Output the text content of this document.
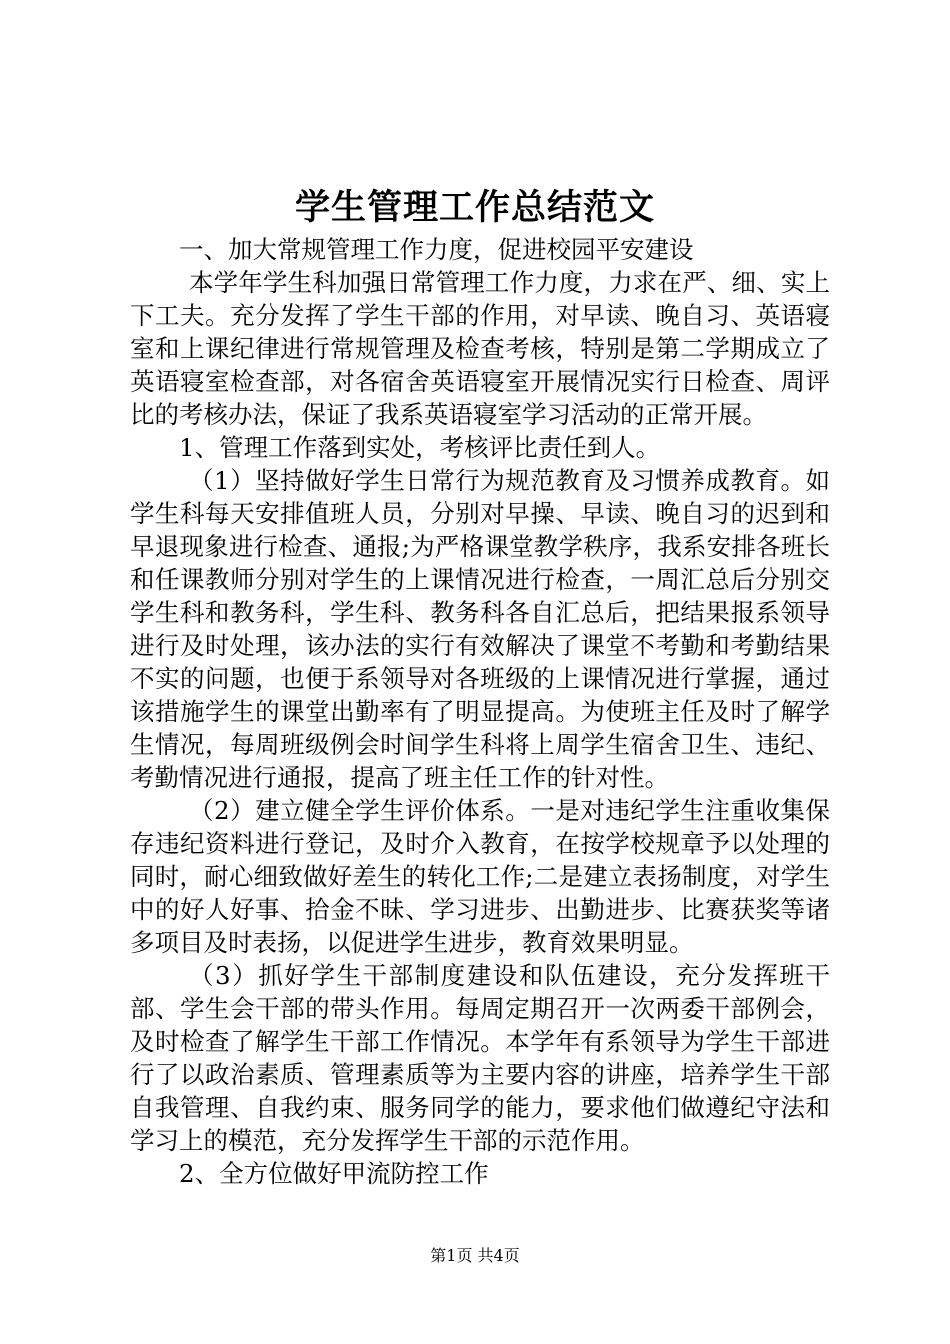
学生管理工作总结范文

一、加大常规管理工作力度，促进校园平安建设

本学年学生科加强日常管理工作力度，力求在严、细、实上下工夫。充分发挥了学生干部的作用，对早读、晚自习、英语寝室和上课纪律进行常规管理及检查考核，特别是第二学期成立了英语寝室检查部，对各宿舍英语寝室开展情况实行日检查、周评比的考核办法，保证了我系英语寝室学习活动的正常开展。

1、管理工作落到实处，考核评比责任到人。

（1）坚持做好学生日常行为规范教育及习惯养成教育。如学生科每天安排值班人员，分别对早操、早读、晚自习的迟到和早退现象进行检查、通报;为严格课堂教学秩序，我系安排各班长和任课教师分别对学生的上课情况进行检查，一周汇总后分别交学生科和教务科，学生科、教务科各自汇总后，把结果报系领导进行及时处理，该办法的实行有效解决了课堂不考勤和考勤结果不实的问题，也便于系领导对各班级的上课情况进行掌握，通过该措施学生的课堂出勤率有了明显提高。为使班主任及时了解学生情况，每周班级例会时间学生科将上周学生宿舍卫生、违纪、考勤情况进行通报，提高了班主任工作的针对性。

（2）建立健全学生评价体系。一是对违纪学生注重收集保存违纪资料进行登记，及时介入教育，在按学校规章予以处理的同时，耐心细致做好差生的转化工作;二是建立表扬制度，对学生中的好人好事、拾金不昧、学习进步、出勤进步、比赛获奖等诸多项目及时表扬，以促进学生进步，教育效果明显。

（3）抓好学生干部制度建设和队伍建设，充分发挥班干部、学生会干部的带头作用。每周定期召开一次两委干部例会，及时检查了解学生干部工作情况。本学年有系领导为学生干部进行了以政治素质、管理素质等为主要内容的讲座，培养学生干部自我管理、自我约束、服务同学的能力，要求他们做遵纪守法和学习上的模范，充分发挥学生干部的示范作用。

2、全方位做好甲流防控工作

第1页 共4页
